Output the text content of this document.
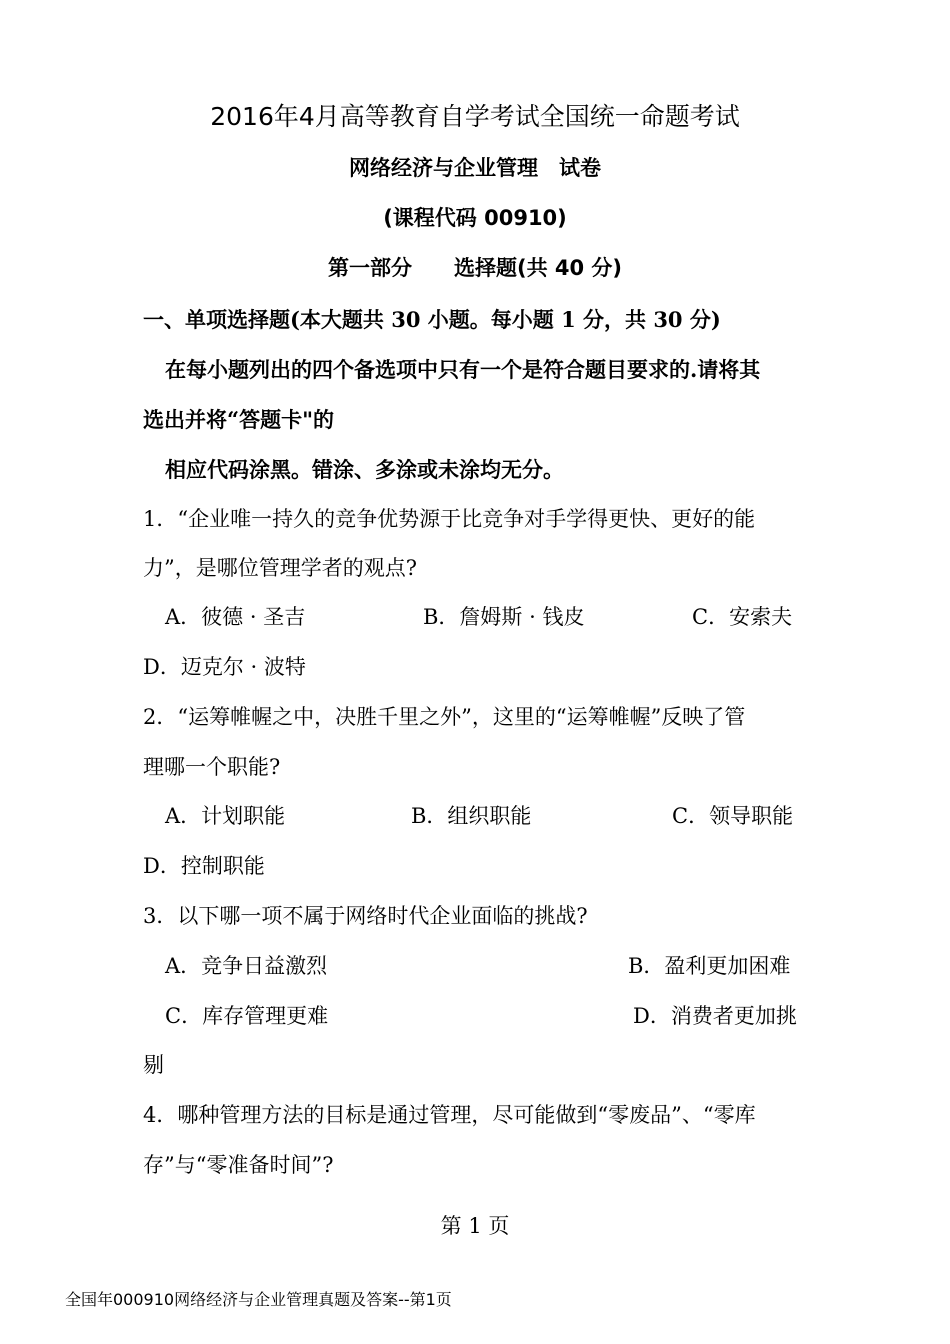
2016年4月高等教育自学考试全国统一命题考试
网络经济与企业管理　试卷
(课程代码 00910)
第一部分　　选择题(共 40 分)
一、单项选择题(本大题共 30 小题。每小题 1 分，共 30 分)
在每小题列出的四个备选项中只有一个是符合题目要求的.请将其
选出并将“答题卡"的
相应代码涂黑。错涂、多涂或未涂均无分。
1．“企业唯一持久的竞争优势源于比竞争对手学得更快、更好的能
力”，是哪位管理学者的观点?
A．彼德 · 圣吉	B．詹姆斯 · 钱皮	C．安索夫
D．迈克尔 · 波特
2．“运筹帷幄之中，决胜千里之外”，这里的“运筹帷幄”反映了管
理哪一个职能?
A．计划职能	B．组织职能	C．领导职能
D．控制职能
3．以下哪一项不属于网络时代企业面临的挑战?
A．竞争日益激烈	B．盈利更加困难
C．库存管理更难	D．消费者更加挑
剔
4．哪种管理方法的目标是通过管理，尽可能做到“零废品”、“零库
存”与“零准备时间”?
第 1 页
全国年000910网络经济与企业管理真题及答案--第1页
